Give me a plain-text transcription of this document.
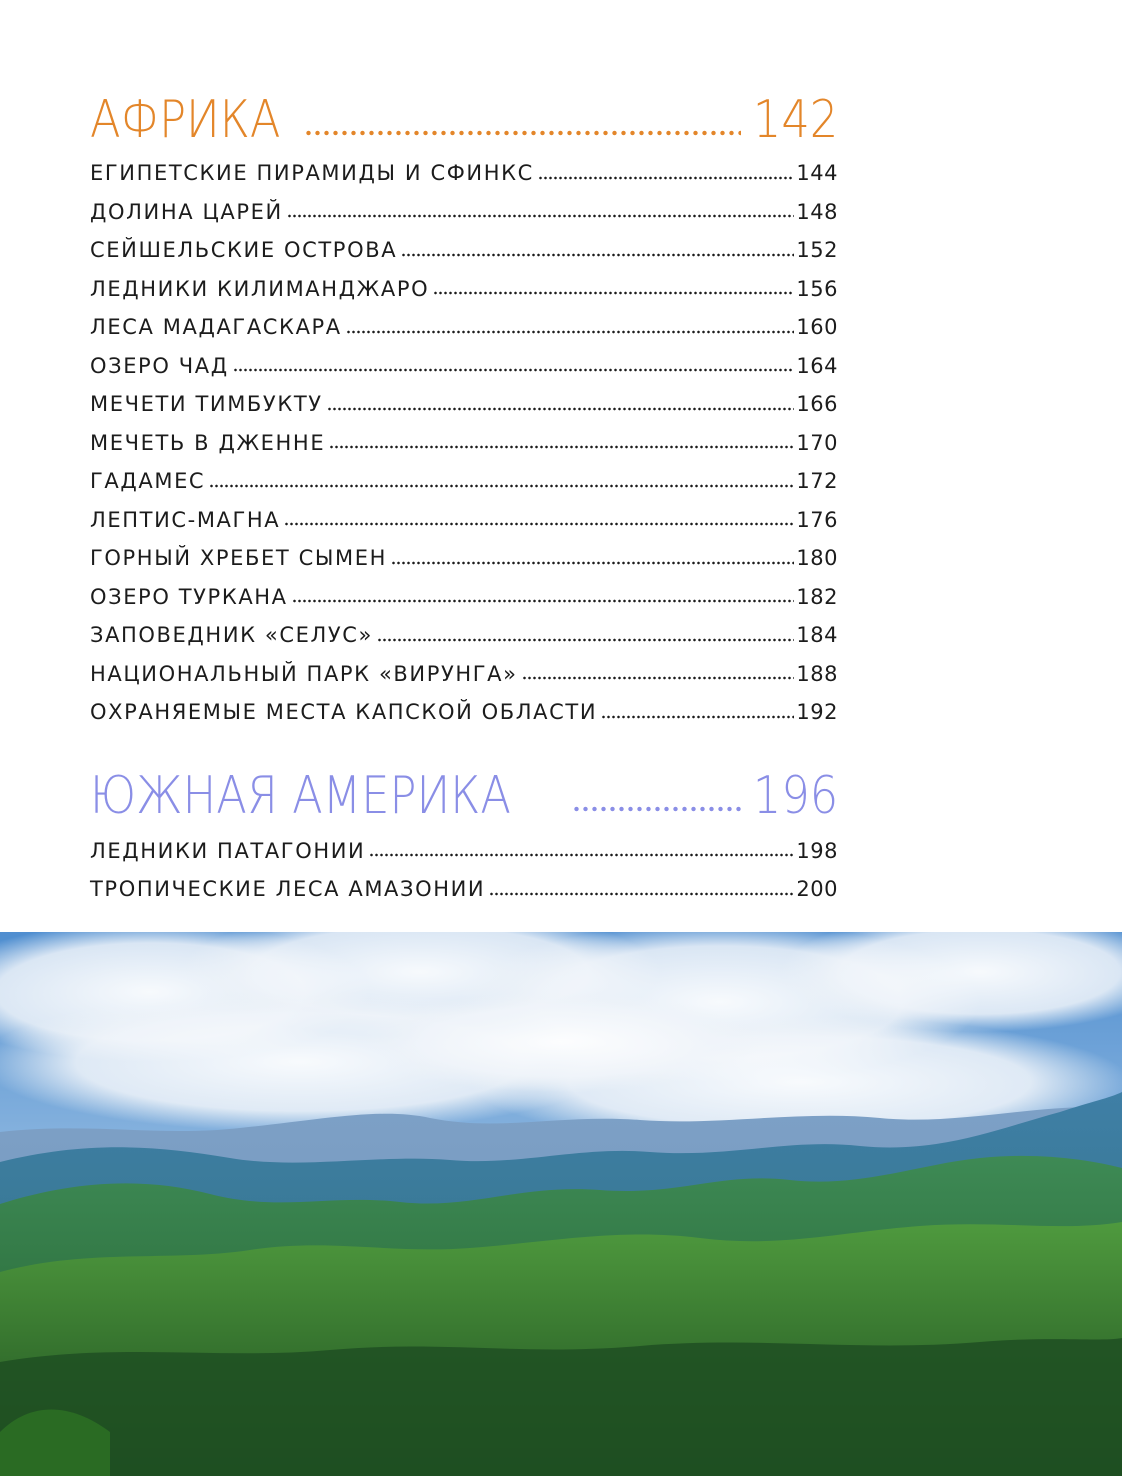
АФРИКА	142
ЕГИПЕТСКИЕ ПИРАМИДЫ И СФИНКС	144
ДОЛИНА ЦАРЕЙ	148
СЕЙШЕЛЬСКИЕ ОСТРОВА	152
ЛЕДНИКИ КИЛИМАНДЖАРО	156
ЛЕСА МАДАГАСКАРА	160
ОЗЕРО ЧАД	164
МЕЧЕТИ ТИМБУКТУ	166
МЕЧЕТЬ В ДЖЕННЕ	170
ГАДАМЕС	172
ЛЕПТИС-МАГНА	176
ГОРНЫЙ ХРЕБЕТ СЫМЕН	180
ОЗЕРО ТУРКАНА	182
ЗАПОВЕДНИК «СЕЛУС»	184
НАЦИОНАЛЬНЫЙ ПАРК «ВИРУНГА»	188
ОХРАНЯЕМЫЕ МЕСТА КАПСКОЙ ОБЛАСТИ	192
ЮЖНАЯ АМЕРИКА	196
ЛЕДНИКИ ПАТАГОНИИ	198
ТРОПИЧЕСКИЕ ЛЕСА АМАЗОНИИ	200
